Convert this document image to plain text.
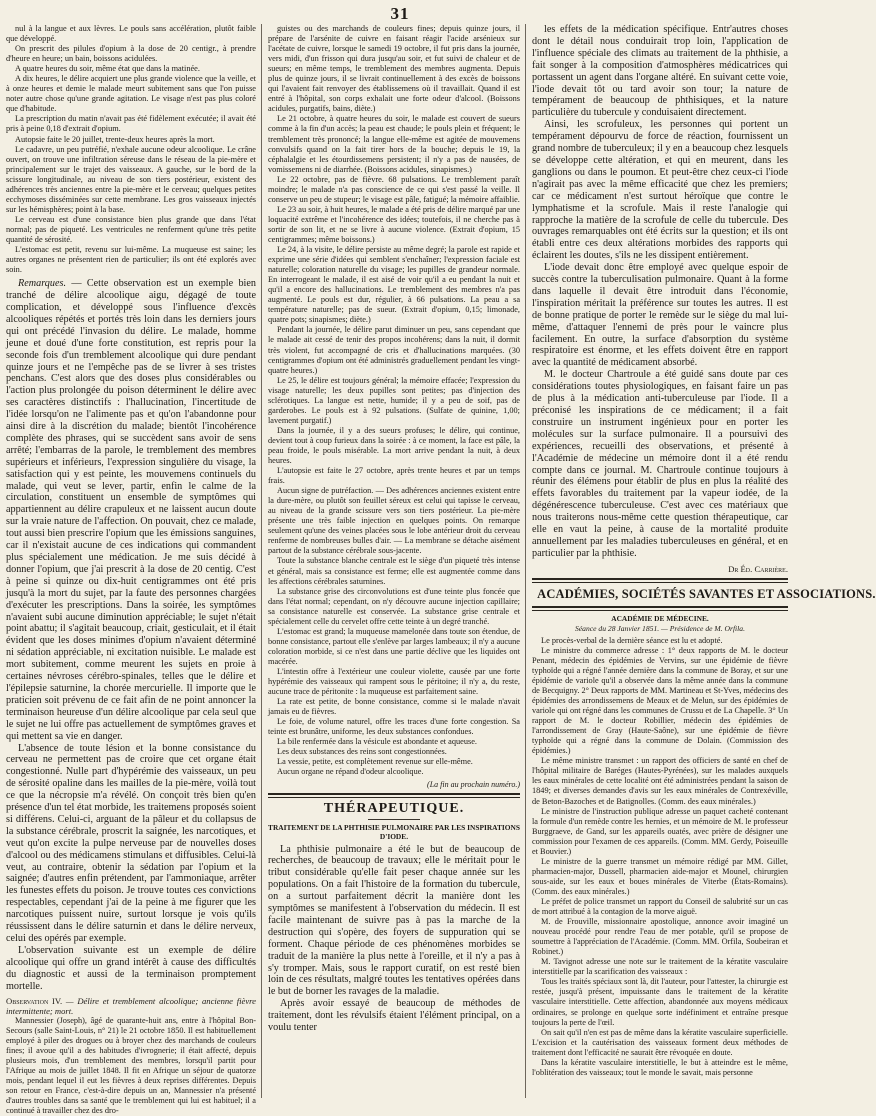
31

nul à la langue et aux lèvres. Le pouls sans accélération, plutôt faible que développé.

On prescrit des pilules d'opium à la dose de 20 centigr., à prendre d'heure en heure; un bain, boissons acidulées.

A quatre heures du soir, même état que dans la matinée.

A dix heures, le délire acquiert une plus grande violence que la veille, et à onze heures et demie le malade meurt subitement sans que l'on puisse noter autre chose qu'une grande agitation. Le visage n'est pas plus coloré que d'habitude.

La prescription du matin n'avait pas été fidèlement exécutée; il avait été pris à peine 0,18 d'extrait d'opium.

Autopsie faite le 20 juillet, trente-deux heures après la mort.

Le cadavre, un peu putréfié, n'exhale aucune odeur alcoolique. Le crâne ouvert, on trouve une infiltration séreuse dans le réseau de la pie-mère et principalement sur le trajet des vaisseaux. A gauche, sur le bord de la scissure longitudinale, au niveau de son tiers postérieur, existent des adhérences très anciennes entre la pie-mère et le cerveau; quelques petites ecchymoses disséminées sur cette membrane. Les gros vaisseaux injectés sur les hémisphères; point à la base.

Le cerveau est d'une consistance bien plus grande que dans l'état normal; pas de piqueté. Les ventricules ne renferment qu'une très petite quantité de sérosité.

L'estomac est petit, revenu sur lui-même. La muqueuse est saine; les autres organes ne présentent rien de particulier; ils ont été explorés avec soin.

Remarques. — Cette observation est un exemple bien tranché de délire alcoolique aigu, dégagé de toute complication, et développé sous l'influence d'excès alcooliques répétés et portés très loin dans les derniers jours qui ont précédé l'invasion du délire. Le malade, homme jeune et doué d'une forte constitution, est repris pour la seconde fois d'un tremblement alcoolique qui dure pendant quinze jours et ne l'empêche pas de se livrer à ses tristes penchans. C'est alors que des doses plus considérables ou l'action plus prolongée du poison déterminent le délire avec ses caractères distinctifs : l'hallucination, l'incertitude de l'idée lorsqu'on ne l'alimente pas et qu'on l'abandonne pour ainsi dire à la discrétion du malade; bientôt l'incohérence complète des phrases, qui se succèdent sans avoir de sens arrêté; l'embarras de la parole, le tremblement des membres supérieurs et inférieurs, l'expression singulière du visage, la satisfaction qui y est peinte, les mouvemens continuels du malade, qui veut se lever, partir, enfin le calme de la circulation, constituent un ensemble de symptômes qui appartiennent au délire crapuleux et ne laissent aucun doute sur la vraie nature de l'affection. On pouvait, chez ce malade, tout aussi bien prescrire l'opium que les émissions sanguines, car il n'existait aucune de ces indications qui commandent plus spécialement une médication. Je me suis décidé à donner l'opium, que j'ai prescrit à la dose de 20 centig. C'est à peine si quinze ou dix-huit centigrammes ont été pris jusqu'à la mort du sujet, par la faute des personnes chargées d'exécuter les prescriptions. Dans la soirée, les symptômes n'avaient subi aucune diminution appréciable; le sujet n'était point abattu; il s'agitait beaucoup, criait, gesticulait, et il était évident que les doses minimes d'opium n'avaient déterminé ni sédation appréciable, ni excitation nuisible. Le malade est mort subitement, comme meurent les sujets en proie à certaines névroses cérébro-spinales, telles que le délire et l'épilepsie saturnine, la chorée mercurielle. Il importe que le praticien soit prévenu de ce fait afin de ne point annoncer la terminaison heureuse d'un délire alcoolique par cela seul que le sujet ne lui offre pas actuellement de symptômes graves et qui mettent sa vie en danger.

L'absence de toute lésion et la bonne consistance du cerveau ne permettent pas de croire que cet organe était congestionné. Nulle part d'hypérémie des vaisseaux, un peu de sérosité opaline dans les mailles de la pie-mère, voilà tout ce que la nécropsie m'a révélé. On conçoit très bien qu'en présence d'un tel état morbide, les traitemens proposés soient si différens. Celui-ci, arguant de la pâleur et du collapsus de la substance cérébrale, proscrit la saignée, les narcotiques, et veut qu'on excite la pulpe nerveuse par de nouvelles doses d'alcool ou des médicamens stimulans et diffusibles. Celui-là veut, au contraire, obtenir la sédation par l'opium et la saignée; d'autres enfin prétendent, par l'ammoniaque, arrêter les funestes effets du poison. Je trouve toutes ces convictions respectables, cependant j'ai de la peine à me figurer que les narcotiques puissent nuire, surtout lorsque je vois qu'ils réussissent dans le délire saturnin et dans le délire nerveux, celui des opérés par exemple.

L'observation suivante est un exemple de délire alcoolique qui offre un grand intérêt à cause des difficultés du diagnostic et aussi de la terminaison promptement mortelle.

Observation IV. — Délire et tremblement alcoolique; ancienne fièvre intermittente; mort.

Mannessier (Joseph), âgé de quarante-huit ans, entre à l'hôpital Bon-Secours (salle Saint-Louis, n° 21) le 21 octobre 1850. Il est habituellement employé à piler des drogues ou à broyer chez des marchands de couleurs fines; il avoue qu'il a des habitudes d'ivrognerie; il était affecté, depuis plusieurs mois, d'un tremblement des membres, lorsqu'il partit pour l'Afrique au mois de juillet 1848. Il fit en Afrique un séjour de quatorze mois, pendant lequel il eut les fièvres à deux reprises différentes. Depuis son retour en France, c'est-à-dire depuis un an, Mannessier n'a présenté d'autres troubles dans sa santé que le tremblement qui lui est habituel; il a continué à travailler chez des dro-

guistes ou des marchands de couleurs fines; depuis quinze jours, il prépare de l'arsénite de cuivre en faisant réagir l'acide arsénieux sur l'acétate de cuivre, lorsque le samedi 19 octobre, il fut pris dans la journée, vers midi, d'un frisson qui dura jusqu'au soir, et fut suivi de chaleur et de sueurs; en même temps, le tremblement des membres augmenta. Depuis plus de quinze jours, il se livrait continuellement à des excès de boissons qui l'avaient fait renvoyer des établissemens où il travaillait. Quand il est entré à l'hôpital, son corps exhalait une forte odeur d'alcool. (Boissons acidules, purgatifs, bains, diète.)

Le 21 octobre, à quatre heures du soir, le malade est couvert de sueurs comme à la fin d'un accès; la peau est chaude; le pouls plein et fréquent; le tremblement très prononcé; la langue elle-même est agitée de mouvemens convulsifs quand on la fait tirer hors de la bouche; depuis le 19, la céphalalgie et les étourdissemens persistent; il n'y a pas de nausées, de vomissemens ni de diarrhée. (Boissons acidules, sinapismes.)

Le 22 octobre, pas de fièvre. 68 pulsations. Le tremblement paraît moindre; le malade n'a pas conscience de ce qui s'est passé la veille. Il conserve un peu de stupeur; le visage est pâle, fatigué; la mémoire affaiblie.

Le 23 au soir, à huit heures, le malade a été pris de délire marqué par une loquacité extrême et l'incohérence des idées; toutefois, il ne cherche pas à sortir de son lit, et ne se livre à aucune violence. (Extrait d'opium, 15 centigrammes; même boissons.)

Le 24, à la visite, le délire persiste au même degré; la parole est rapide et exprime une série d'idées qui semblent s'enchaîner; l'expression faciale est naturelle; coloration naturelle du visage; les pupilles de grandeur normale. En interrogeant le malade, il est aisé de voir qu'il a eu pendant la nuit et qu'il a encore des hallucinations. Le tremblement des membres n'a pas augmenté. Le pouls est dur, régulier, à 66 pulsations. La peau a sa température naturelle; pas de sueur. (Extrait d'opium, 0,15; limonade, quatre pots; sinapismes; diète.)

Pendant la journée, le délire parut diminuer un peu, sans cependant que le malade ait cessé de tenir des propos incohérens; dans la nuit, il dormit très violent, fut accompagné de cris et d'hallucinations marquées. (30 centigrammes d'opium ont été administrés graduellement pendant les vingt-quatre heures.)

Le 25, le délire est toujours général; la mémoire effacée; l'expression du visage naturelle; les deux pupilles sont petites; pas d'injection des sclérotiques. La langue est nette, humide; il y a peu de soif, pas de garderobes. Le pouls est à 92 pulsations. (Sulfate de quinine, 1,00; lavement purgatif.)

Dans la journée, il y a des sueurs profuses; le délire, qui continue, devient tout à coup furieux dans la soirée : à ce moment, la face est pâle, la peau froide, le pouls misérable. La mort arrive pendant la nuit, à deux heures.

L'autopsie est faite le 27 octobre, après trente heures et par un temps frais.

Aucun signe de putréfaction. — Des adhérences anciennes existent entre la dure-mère, ou plutôt son feuillet séreux est celui qui tapisse le cerveau, au niveau de la grande scissure vers son tiers postérieur. La pie-mère présente une très faible injection en quelques points. On remarque seulement qu'une des veines placées sous le lobe antérieur droit du cerveau renferme de nombreuses bulles d'air. — La membrane se détache aisément partout de la substance cérébrale sous-jacente.

Toute la substance blanche centrale est le siège d'un piqueté très intense et général, mais sa consistance est ferme; elle est augmentée comme dans les affections cérébrales saturnines.

La substance grise des circonvolutions est d'une teinte plus foncée que dans l'état normal; cependant, on n'y découvre aucune injection capillaire; sa consistance naturelle est conservée. La substance grise centrale et spécialement celle du cervelet offre cette teinte à un degré tranché.

L'estomac est grand; la muqueuse mamelonée dans toute son étendue, de bonne consistance, partout elle s'enlève par larges lambeaux; il n'y a aucune coloration morbide, si ce n'est dans une partie déclive que les liquides ont macérée.

L'intestin offre à l'extérieur une couleur violette, causée par une forte hypérémie des vaisseaux qui rampent sous le péritoine; il n'y a, du reste, aucune trace de péritonite : la muqueuse est parfaitement saine.

La rate est petite, de bonne consistance, comme si le malade n'avait jamais eu de fièvres.

Le foie, de volume naturel, offre les traces d'une forte congestion. Sa teinte est brunâtre, uniforme, les deux substances confondues.

La bile renfermée dans la vésicule est abondante et aqueuse.

Les deux substances des reins sont congestionnées.

La vessie, petite, est complètement revenue sur elle-même.

Aucun organe ne répand d'odeur alcoolique.

(La fin au prochain numéro.)
THÉRAPEUTIQUE.
TRAITEMENT DE LA PHTHISIE PULMONAIRE PAR LES INSPIRATIONS D'IODE.

La phthisie pulmonaire a été le but de beaucoup de recherches, de beaucoup de travaux; elle le méritait pour le tribut considérable qu'elle fait peser chaque année sur les populations. On a fait l'histoire de la formation du tubercule, on a surtout parfaitement décrit la manière dont les symptômes se manifestent à l'observation du médecin. Il est facile maintenant de suivre pas à pas la marche de la destruction qui s'opère, des foyers de suppuration qui se forment. Chaque période de ces phénomènes morbides se traduit de la manière la plus nette à l'oreille, et il n'y a pas à s'y tromper. Mais, sous le rapport curatif, on est resté bien loin de ces résultats, malgré toutes les tentatives opérées dans le but de borner les ravages de la maladie.

Après avoir essayé de beaucoup de méthodes de traitement, dont les révulsifs étaient l'élément principal, on a voulu tenter

les effets de la médication spécifique. Entr'autres choses dont le détail nous conduirait trop loin, l'application de l'influence spéciale des climats au traitement de la phthisie, a fait songer à la composition d'atmosphères médicatrices qui portassent un agent dans l'organe altéré. En suivant cette voie, l'iode devait tôt ou tard avoir son tour; la nature de tempérament de beaucoup de phthisiques, et la nature particulière du tubercule y conduisaient directement.

Ainsi, les scrofuleux, les personnes qui portent un tempérament dépourvu de force de réaction, fournissent un grand nombre de tuberculeux; il y en a beaucoup chez lesquels se développe cette altération, et qui en meurent, dans les ganglions ou dans le poumon. Et peut-être chez ceux-ci l'iode n'agirait pas avec la même efficacité que chez les premiers; car ce médicament n'est surtout héroïque que contre le lymphatisme et la scrofule. Mais il reste l'analogie qui rapproche la matière de la scrofule de celle du tubercule. Des ouvrages remarquables ont été écrits sur la question; et ils ont établi entre ces deux altérations morbides des rapports qui éclairent les doutes, s'ils ne les dissipent entièrement.

L'iode devait donc être employé avec quelque espoir de succès contre la tuberculisation pulmonaire. Quant à la forme dans laquelle il devait être introduit dans l'économie, l'inspiration méritait la préférence sur toutes les autres. Il est de bonne pratique de porter le remède sur le siège du mal lui-même, d'attaquer l'ennemi de près pour le vaincre plus facilement. En outre, la surface d'absorption du système respiratoire est énorme, et les effets doivent être en rapport avec la quantité de médicament absorbé.

M. le docteur Chartroule a été guidé sans doute par ces considérations toutes physiologiques, en faisant faire un pas de plus à la médication anti-tuberculeuse par l'iode. Il a préconisé les inspirations de ce médicament; il a fait construire un instrument ingénieux pour en porter les molécules sur la surface pulmonaire. Il a poursuivi des expériences, recueilli des observations, et présenté à l'Académie de médecine un mémoire dont il a été rendu compte dans ce journal. M. Chartroule continue toujours à réunir des élémens pour établir de plus en plus la réalité des effets favorables du traitement par la vapeur iodée, de la dégénérescence tuberculeuse. C'est avec ces matériaux que nous traiterons nous-même cette question thérapeutique, car elle en vaut la peine, à cause de la mortalité produite annuellement par les maladies tuberculeuses en général, et en particulier par la phthisie.

Dr Éd. Carrière.
ACADÉMIES, SOCIÉTÉS SAVANTES ET ASSOCIATIONS.
ACADÉMIE DE MÉDECINE.
Séance du 28 Janvier 1851. — Présidence de M. Orfila.

Le procès-verbal de la dernière séance est lu et adopté.

Le ministre du commerce adresse : 1° deux rapports de M. le docteur Penant, médecin des épidémies de Vervins, sur une épidémie de fièvre typhoïde qui a régné l'année dernière dans la commune de Boray, et sur une épidémie de variole qu'il a observée dans la même année dans la commune de Becquigny. 2° Deux rapports de MM. Martineau et St-Yves, médecins des épidémies des arrondissemens de Meaux et de Melun, sur des épidémies de variole qui ont régné dans les communes de Crussu et de La Chapelle. 3° Un rapport de M. le docteur Robillier, médecin des épidémies de l'arrondissement de Gray (Haute-Saône), sur une épidémie de fièvre typhoïde qui a régné dans la commune de Dolain. (Commission des épidémies.)

Le même ministre transmet : un rapport des officiers de santé en chef de l'hôpital militaire de Baréges (Hautes-Pyrénées), sur les malades auxquels les eaux minérales de cette localité ont été administrées pendant la saison de 1849; et diverses demandes d'avis sur les eaux minérales de Contrexéville, de Beton-Bazoches et de Batignolles. (Comm. des eaux minérales.)

Le ministre de l'instruction publique adresse un paquet cacheté contenant la formule d'un remède contre les hernies, et un mémoire de M. le professeur Burggraeve, de Gand, sur les appareils ouatés, avec prière de désigner une commission pour l'examen de ces appareils. (Comm. MM. Gerdy, Poiseuille et Bouvier.)

Le ministre de la guerre transmet un mémoire rédigé par MM. Gillet, pharmacien-major, Dussell, pharmacien aide-major et Mounel, chirurgien sous-aide, sur les eaux et boues minérales de Viterbe (États-Romains). (Comm. des eaux minérales.)

Le préfet de police transmet un rapport du Conseil de salubrité sur un cas de mort attribué à la contagion de la morve aiguë.

M. de Frouville, missionnaire apostolique, annonce avoir imaginé un nouveau procédé pour rendre l'eau de mer potable, qu'il se propose de soumettre à l'appréciation de l'Académie. (Comm. MM. Orfila, Soubeiran et Robinet.)

M. Tavignot adresse une note sur le traitement de la kératite vasculaire interstitielle par la scarification des vaisseaux :

Tous les traités spéciaux sont là, dit l'auteur, pour l'attester, la chirurgie est restée, jusqu'à présent, impuissante dans le traitement de la kératite vasculaire interstitielle. Cette affection, abandonnée aux moyens médicaux ordinaires, se prolonge en quelque sorte indéfiniment et entraîne presque toujours la perte de l'œil.

On sait qu'il n'en est pas de même dans la kératite vasculaire superficielle. L'excision et la cautérisation des vaisseaux forment deux méthodes de traitement dont l'efficacité ne saurait être révoquée en doute.

Dans la kératite vasculaire interstitielle, le but à atteindre est le même, l'oblitération des vaisseaux; tout le monde le savait, mais personne
